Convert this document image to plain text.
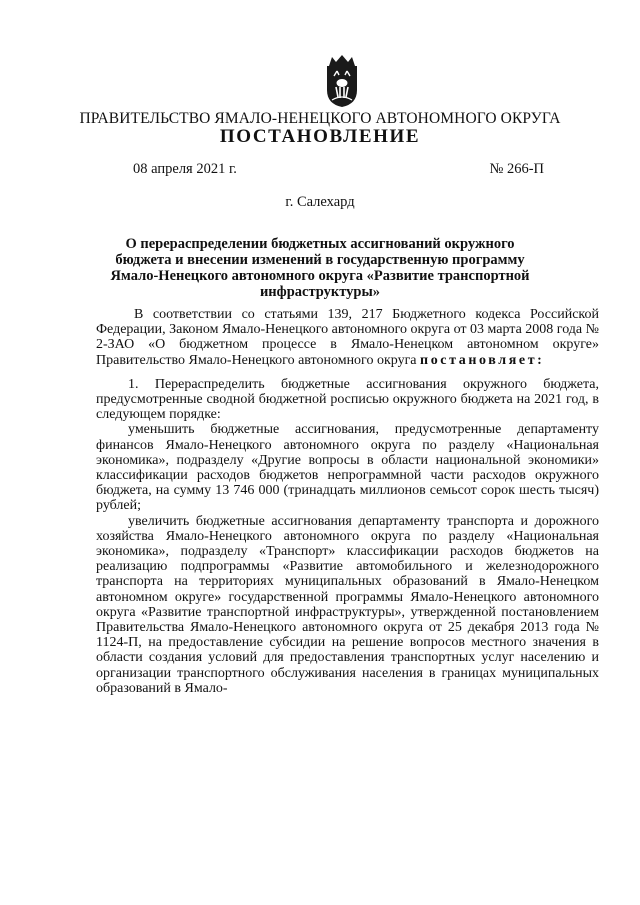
ПРАВИТЕЛЬСТВО ЯМАЛО-НЕНЕЦКОГО АВТОНОМНОГО ОКРУГА
ПОСТАНОВЛЕНИЕ
08 апреля 2021 г.	№ 266-П
г. Салехард
О перераспределении бюджетных ассигнований окружного бюджета и внесении изменений в государственную программу Ямало-Ненецкого автономного округа «Развитие транспортной инфраструктуры»

В соответствии со статьями 139, 217 Бюджетного кодекса Российской Федерации, Законом Ямало-Ненецкого автономного округа от 03 марта 2008 года № 2-ЗАО «О бюджетном процессе в Ямало-Ненецком автономном округе» Правительство Ямало-Ненецкого автономного округа постановляет:

1. Перераспределить бюджетные ассигнования окружного бюджета, предусмотренные сводной бюджетной росписью окружного бюджета на 2021 год, в следующем порядке:

уменьшить бюджетные ассигнования, предусмотренные департаменту финансов Ямало-Ненецкого автономного округа по разделу «Национальная экономика», подразделу «Другие вопросы в области национальной экономики» классификации расходов бюджетов непрограммной части расходов окружного бюджета, на сумму 13 746 000 (тринадцать миллионов семьсот сорок шесть тысяч) рублей;

увеличить бюджетные ассигнования департаменту транспорта и дорожного хозяйства Ямало-Ненецкого автономного округа по разделу «Национальная экономика», подразделу «Транспорт» классификации расходов бюджетов на реализацию подпрограммы «Развитие автомобильного и железнодорожного транспорта на территориях муниципальных образований в Ямало-Ненецком автономном округе» государственной программы Ямало-Ненецкого автономного округа «Развитие транспортной инфраструктуры», утвержденной постановлением Правительства Ямало-Ненецкого автономного округа от 25 декабря 2013 года № 1124-П, на предоставление субсидии на решение вопросов местного значения в области создания условий для предоставления транспортных услуг населению и организации транспортного обслуживания населения в границах муниципальных образований в Ямало-
